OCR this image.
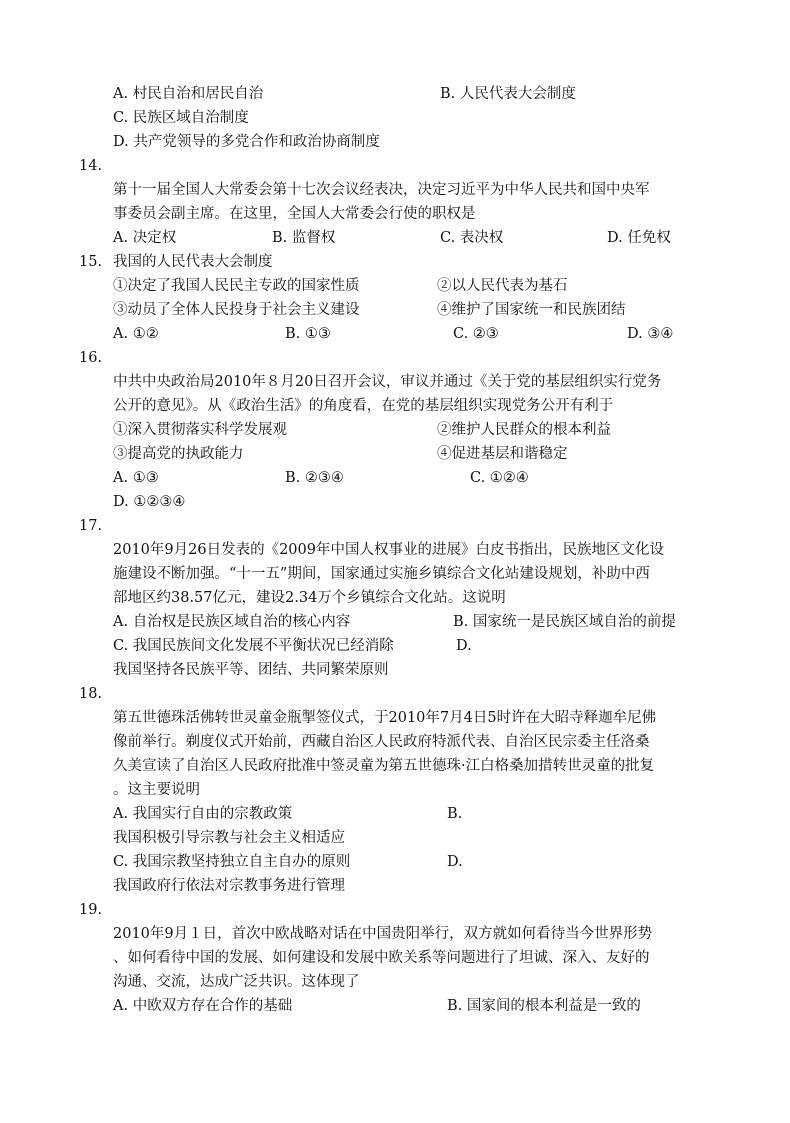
A. 村民自治和居民自治	B. 人民代表大会制度
C. 民族区域自治制度
D. 共产党领导的多党合作和政治协商制度
14.
第十一届全国人大常委会第十七次会议经表决，决定习近平为中华人民共和国中央军
事委员会副主席。在这里，全国人大常委会行使的职权是
A. 决定权	B. 监督权	C. 表决权	D. 任免权
15. 我国的人民代表大会制度
①决定了我国人民民主专政的国家性质	②以人民代表为基石
③动员了全体人民投身于社会主义建设	④维护了国家统一和民族团结
A. ①②	B. ①③	C. ②③	D. ③④
16.
中共中央政治局2010年８月20日召开会议，审议并通过《关于党的基层组织实行党务
公开的意见》。从《政治生活》的角度看，在党的基层组织实现党务公开有利于
①深入贯彻落实科学发展观	②维护人民群众的根本利益
③提高党的执政能力	④促进基层和谐稳定
A. ①③	B. ②③④	C. ①②④
D. ①②③④
17.
2010年9月26日发表的《2009年中国人权事业的进展》白皮书指出，民族地区文化设
施建设不断加强。“十一五”期间，国家通过实施乡镇综合文化站建设规划，补助中西
部地区约38.57亿元，建设2.34万个乡镇综合文化站。这说明
A. 自治权是民族区域自治的核心内容	B. 国家统一是民族区域自治的前提
C. 我国民族间文化发展不平衡状况已经消除	D.
我国坚持各民族平等、团结、共同繁荣原则
18.
第五世德珠活佛转世灵童金瓶掣签仪式，于2010年7月4日5时许在大昭寺释迦牟尼佛
像前举行。剃度仪式开始前，西藏自治区人民政府特派代表、自治区民宗委主任洛桑
久美宣读了自治区人民政府批准中签灵童为第五世德珠·江白格桑加措转世灵童的批复
。这主要说明
A. 我国实行自由的宗教政策	B.
我国积极引导宗教与社会主义相适应
C. 我国宗教坚持独立自主自办的原则	D.
我国政府行依法对宗教事务进行管理
19.
2010年9月１日，首次中欧战略对话在中国贵阳举行，双方就如何看待当今世界形势
、如何看待中国的发展、如何建设和发展中欧关系等问题进行了坦诚、深入、友好的
沟通、交流，达成广泛共识。这体现了
A. 中欧双方存在合作的基础	B. 国家间的根本利益是一致的
